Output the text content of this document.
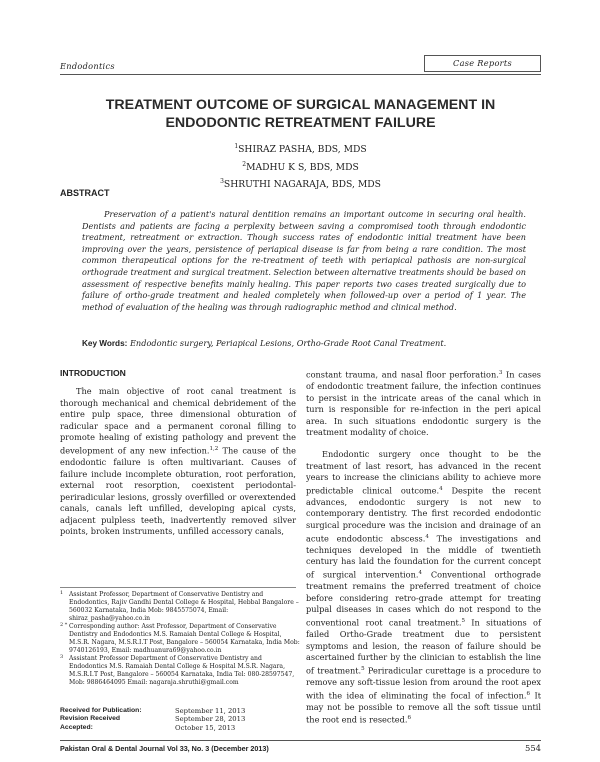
Endodontics	Case Reports
TREATMENT OUTCOME OF SURGICAL MANAGEMENT IN
ENDODONTIC RETREATMENT FAILURE
$^1$SHIRAZ PASHA, BDS, MDS
$^2$MADHU K S, BDS, MDS
$^3$SHRUTHI NAGARAJA, BDS, MDS
ABSTRACT
Preservation of a patient's natural dentition remains an important outcome in securing oral health. Dentists and patients are facing a perplexity between saving a compromised tooth through endodontic treatment, retreatment or extraction. Though success rates of endodontic initial treatment have been improving over the years, persistence of periapical disease is far from being a rare condition. The most common therapeutical options for the re-treatment of teeth with periapical pathosis are non-surgical orthograde treatment and surgical treatment. Selection between alternative treatments should be based on assessment of respective benefits mainly healing. This paper reports two cases treated surgically due to failure of ortho-grade treatment and healed completely when followed-up over a period of 1 year. The method of evaluation of the healing was through radiographic method and clinical method.
Key Words: Endodontic surgery, Periapical Lesions, Ortho-Grade Root Canal Treatment.
INTRODUCTION

The main objective of root canal treatment is thorough mechanical and chemical debridement of the entire pulp space, three dimensional obturation of radicular space and a permanent coronal filling to promote healing of existing pathology and prevent the development of any new infection.$^{1,2}$ The cause of the endodontic failure is often multivariant. Causes of failure include incomplete obturation, root perforation, external root resorption, coexistent periodontal-periradicular lesions, grossly overfilled or overextended canals, canals left unfilled, developing apical cysts, adjacent pulpless teeth, inadvertently removed silver points, broken instruments, unfilled accessory canals,

constant trauma, and nasal floor perforation.$^3$ In cases of endodontic treatment failure, the infection continues to persist in the intricate areas of the canal which in turn is responsible for re-infection in the peri apical area. In such situations endodontic surgery is the treatment modality of choice.

Endodontic surgery once thought to be the treatment of last resort, has advanced in the recent years to increase the clinicians ability to achieve more predictable clinical outcome.$^4$ Despite the recent advances, endodontic surgery is not new to contemporary dentistry. The first recorded endodontic surgical procedure was the incision and drainage of an acute endodontic abscess.$^4$ The investigations and techniques developed in the middle of twentieth century has laid the foundation for the current concept of surgical intervention.$^4$ Conventional orthograde treatment remains the preferred treatment of choice before considering retro-grade attempt for treating pulpal diseases in cases which do not respond to the conventional root canal treatment.$^5$ In situations of failed Ortho-Grade treatment due to persistent symptoms and lesion, the reason of failure should be ascertained further by the clinician to establish the line of treatment.$^5$ Periradicular curettage is a procedure to remove any soft-tissue lesion from around the root apex with the idea of eliminating the focal of infection.$^6$ It may not be possible to remove all the soft tissue until the root end is resected.$^6$

1 Assistant Professor, Department of Conservative Dentistry and Endodontics, Rajiv Gandhi Dental College & Hospital, Hebbal Bangalore – 560032 Karnataka, India Mob: 9845575074, Email: shiraz_pasha@yahoo.co.in
2 * Corresponding author: Asst Professor, Department of Conservative Dentistry and Endodontics M.S. Ramaiah Dental College & Hospital, M.S.R. Nagara, M.S.R.I.T Post, Bangalore – 560054 Karnataka, India Mob: 9740126193, Email: madhuanura69@yahoo.co.in
3 Assistant Professor Department of Conservative Dentistry and Endodontics M.S. Ramaiah Dental College & Hospital M.S.R. Nagara, M.S.R.I.T Post, Bangalore – 560054 Karnataka, India Tel: 080-28597547, Mob: 9886464095 Email: nagaraja.shruthi@gmail.com
Received for Publication:	September 11, 2013
Revision Received	September 28, 2013
Accepted:	October 15, 2013
Pakistan Oral & Dental Journal Vol 33, No. 3 (December 2013)	554
